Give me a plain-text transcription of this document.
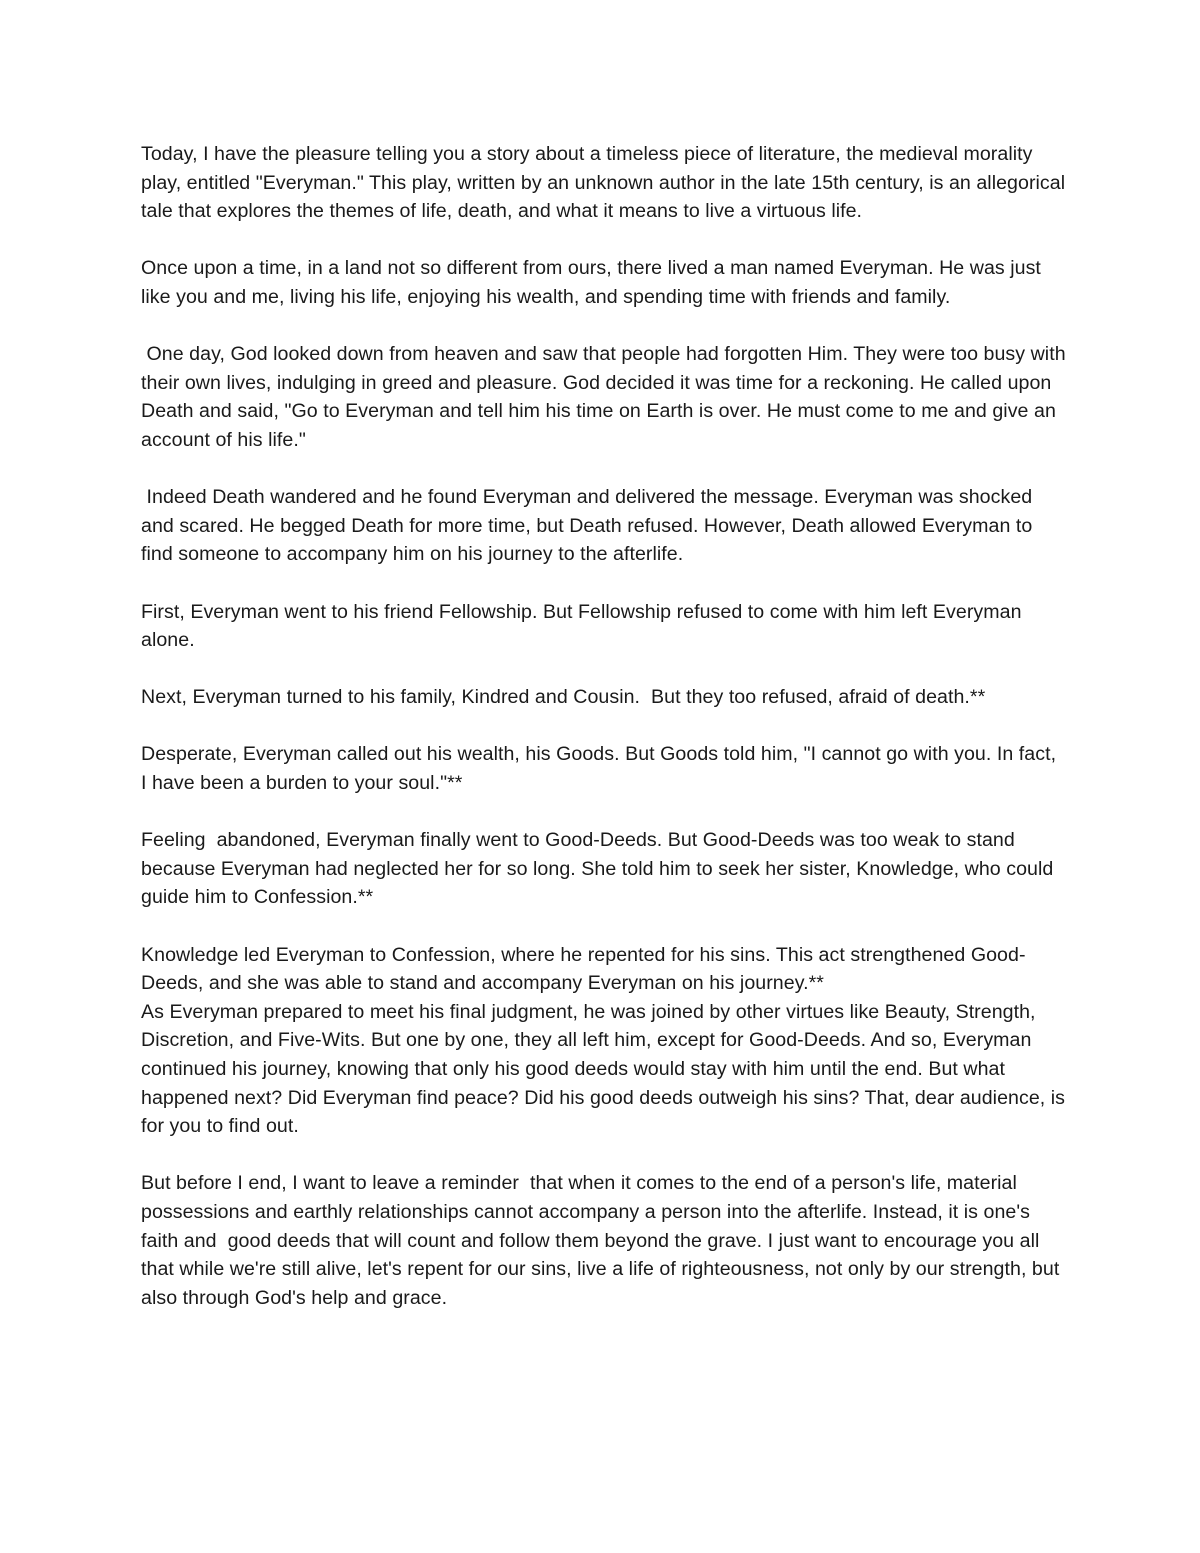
Today, I have the pleasure telling you a story about a timeless piece of literature, the medieval morality play, entitled "Everyman." This play, written by an unknown author in the late 15th century, is an allegorical tale that explores the themes of life, death, and what it means to live a virtuous life.

Once upon a time, in a land not so different from ours, there lived a man named Everyman. He was just like you and me, living his life, enjoying his wealth, and spending time with friends and family.

One day, God looked down from heaven and saw that people had forgotten Him. They were too busy with their own lives, indulging in greed and pleasure. God decided it was time for a reckoning. He called upon Death and said, "Go to Everyman and tell him his time on Earth is over. He must come to me and give an account of his life."

Indeed Death wandered and he found Everyman and delivered the message. Everyman was shocked and scared. He begged Death for more time, but Death refused. However, Death allowed Everyman to find someone to accompany him on his journey to the afterlife.

First, Everyman went to his friend Fellowship. But Fellowship refused to come with him left Everyman alone.

Next, Everyman turned to his family, Kindred and Cousin.  But they too refused, afraid of death.**

Desperate, Everyman called out his wealth, his Goods. But Goods told him, "I cannot go with you. In fact, I have been a burden to your soul."**

Feeling  abandoned, Everyman finally went to Good-Deeds. But Good-Deeds was too weak to stand because Everyman had neglected her for so long. She told him to seek her sister, Knowledge, who could guide him to Confession.**

Knowledge led Everyman to Confession, where he repented for his sins. This act strengthened Good-Deeds, and she was able to stand and accompany Everyman on his journey.**

As Everyman prepared to meet his final judgment, he was joined by other virtues like Beauty, Strength, Discretion, and Five-Wits. But one by one, they all left him, except for Good-Deeds. And so, Everyman continued his journey, knowing that only his good deeds would stay with him until the end. But what happened next? Did Everyman find peace? Did his good deeds outweigh his sins? That, dear audience, is for you to find out.

But before I end, I want to leave a reminder  that when it comes to the end of a person's life, material possessions and earthly relationships cannot accompany a person into the afterlife. Instead, it is one's faith and  good deeds that will count and follow them beyond the grave. I just want to encourage you all that while we're still alive, let's repent for our sins, live a life of righteousness, not only by our strength, but also through God's help and grace.
